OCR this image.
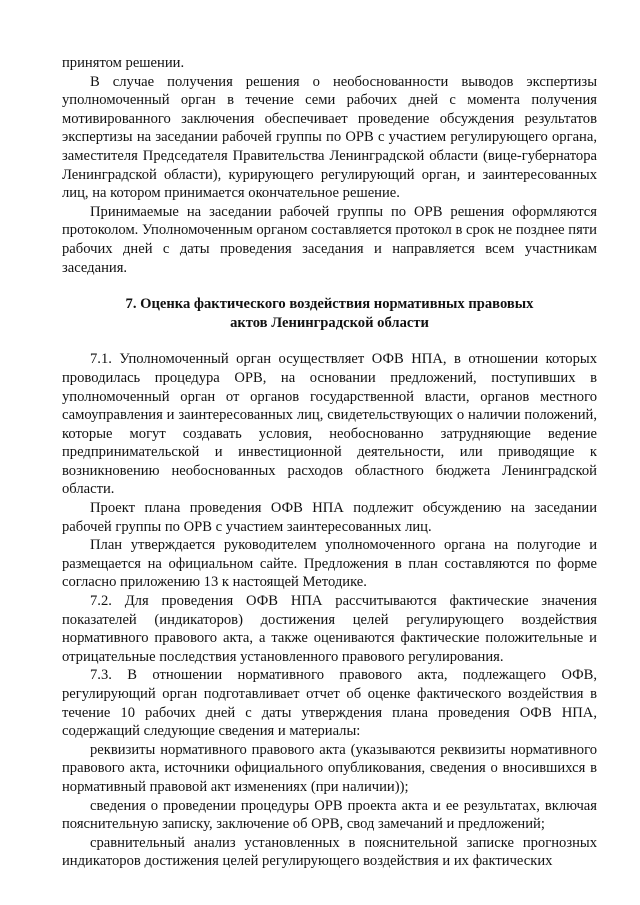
принятом решении.

В случае получения решения о необоснованности выводов экспертизы уполномоченный орган в течение семи рабочих дней с момента получения мотивированного заключения обеспечивает проведение обсуждения результатов экспертизы на заседании рабочей группы по ОРВ с участием регулирующего органа, заместителя Председателя Правительства Ленинградской области (вице-губернатора Ленинградской области), курирующего регулирующий орган, и заинтересованных лиц, на котором принимается окончательное решение.

Принимаемые на заседании рабочей группы по ОРВ решения оформляются протоколом. Уполномоченным органом составляется протокол в срок не позднее пяти рабочих дней с даты проведения заседания и направляется всем участникам заседания.

7. Оценка фактического воздействия нормативных правовых
актов Ленинградской области

7.1. Уполномоченный орган осуществляет ОФВ НПА, в отношении которых проводилась процедура ОРВ, на основании предложений, поступивших в уполномоченный орган от органов государственной власти, органов местного самоуправления и заинтересованных лиц, свидетельствующих о наличии положений, которые могут создавать условия, необоснованно затрудняющие ведение предпринимательской и инвестиционной деятельности, или приводящие к возникновению необоснованных расходов областного бюджета Ленинградской области.

Проект плана проведения ОФВ НПА подлежит обсуждению на заседании рабочей группы по ОРВ с участием заинтересованных лиц.

План утверждается руководителем уполномоченного органа на полугодие и размещается на официальном сайте. Предложения в план составляются по форме согласно приложению 13 к настоящей Методике.

7.2. Для проведения ОФВ НПА рассчитываются фактические значения показателей (индикаторов) достижения целей регулирующего воздействия нормативного правового акта, а также оцениваются фактические положительные и отрицательные последствия установленного правового регулирования.

7.3. В отношении нормативного правового акта, подлежащего ОФВ, регулирующий орган подготавливает отчет об оценке фактического воздействия в течение 10 рабочих дней с даты утверждения плана проведения ОФВ НПА, содержащий следующие сведения и материалы:

реквизиты нормативного правового акта (указываются реквизиты нормативного правового акта, источники официального опубликования, сведения о вносившихся в нормативный правовой акт изменениях (при наличии));

сведения о проведении процедуры ОРВ проекта акта и ее результатах, включая пояснительную записку, заключение об ОРВ, свод замечаний и предложений;

сравнительный анализ установленных в пояснительной записке прогнозных индикаторов достижения целей регулирующего воздействия и их фактических
